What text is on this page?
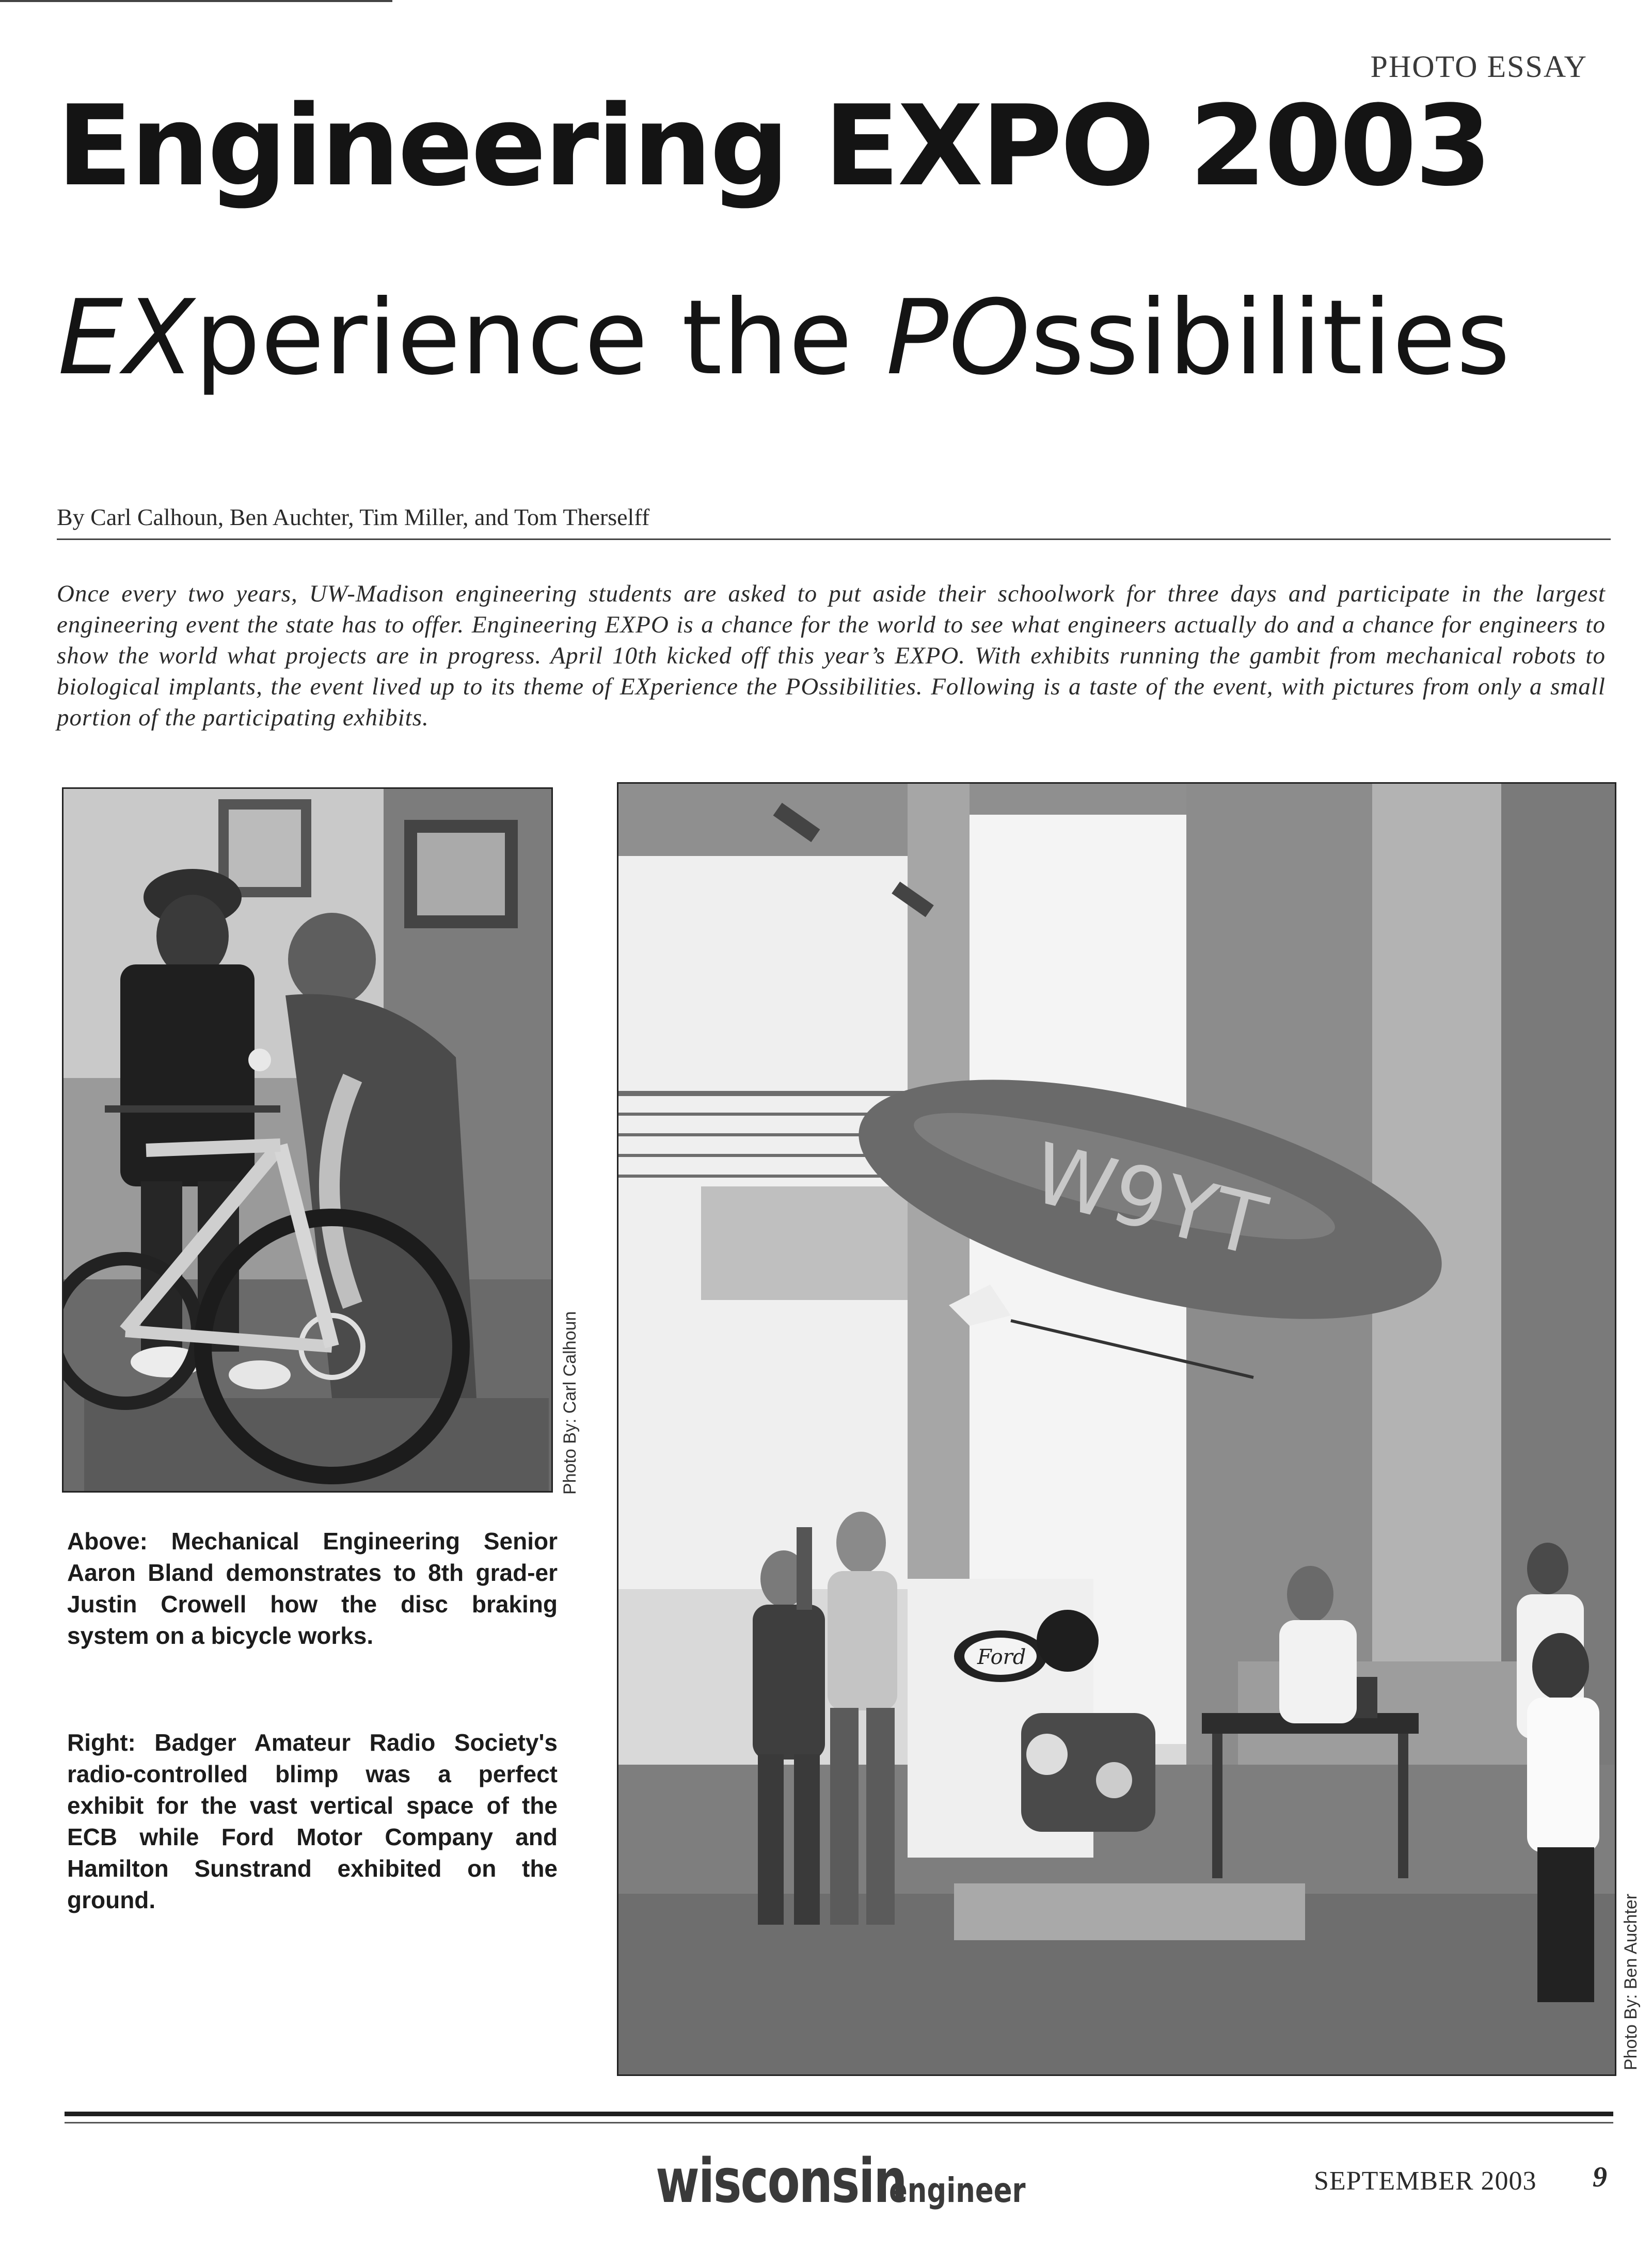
PHOTO ESSAY
Engineering EXPO 2003
EXperience the POssibilities
By Carl Calhoun, Ben Auchter, Tim Miller, and Tom Therselff
Once every two years, UW-Madison engineering students are asked to put aside their schoolwork for three days and participate in the largest engineering event the state has to offer. Engineering EXPO is a chance for the world to see what engineers actually do and a chance for engineers to show the world what projects are in progress. April 10th kicked off this year’s EXPO. With exhibits running the gambit from mechanical robots to biological implants, the event lived up to its theme of EXperience the POssibilities. Following is a taste of the event, with pictures from only a small portion of the participating exhibits.
Photo By: Carl Calhoun
W9YT
Ford
Photo By: Ben Auchter
Above: Mechanical Engineering Senior Aaron Bland demonstrates to 8th grad-er Justin Crowell how the disc braking system on a bicycle works.
Right: Badger Amateur Radio Society's radio-controlled blimp was a perfect exhibit for the vast vertical space of the ECB while Ford Motor Company and Hamilton Sunstrand exhibited on the ground.
wisconsinengineer	SEPTEMBER 2003 9
